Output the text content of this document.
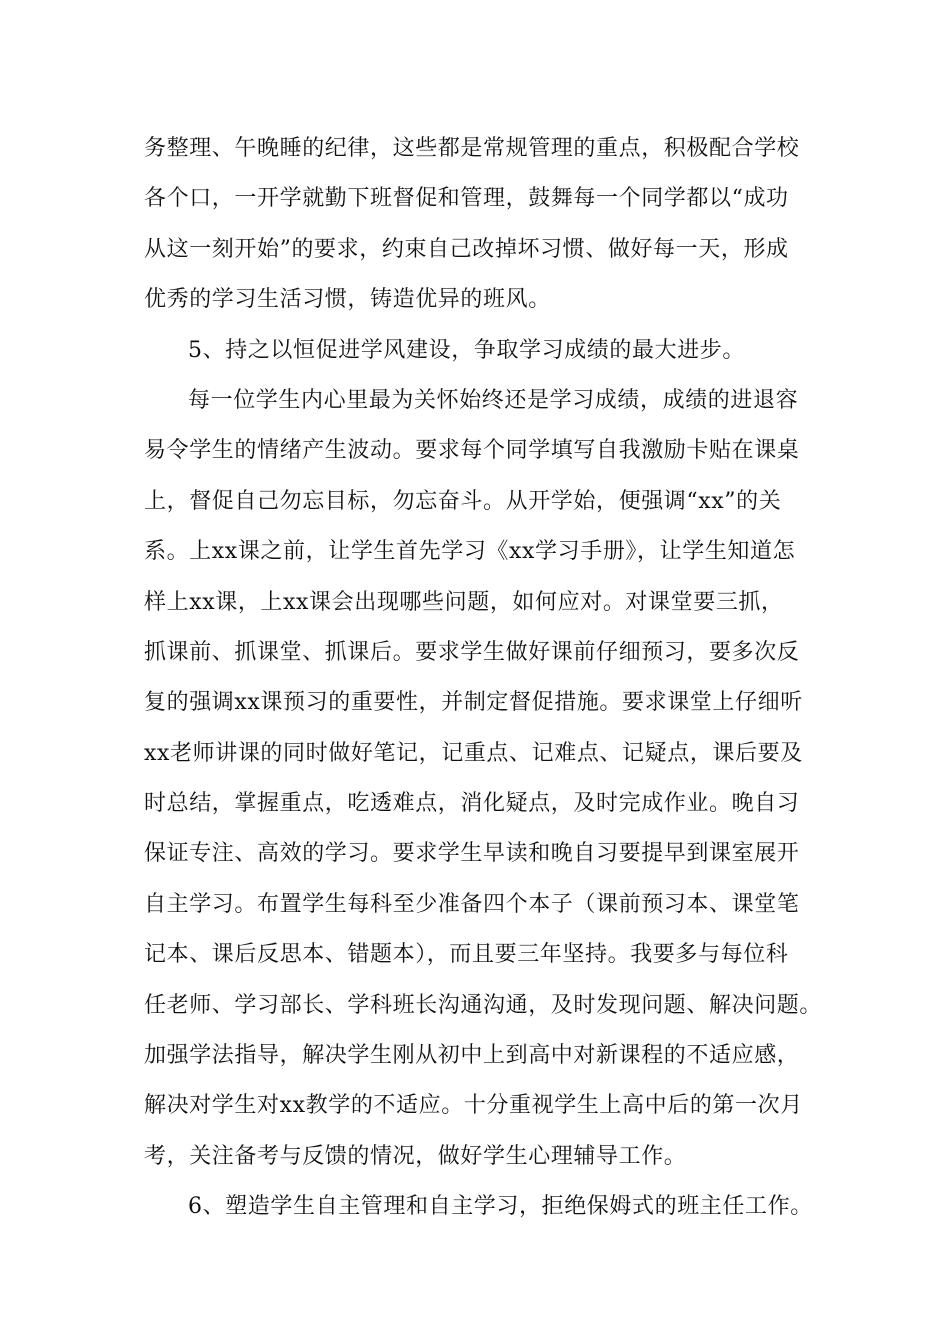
务整理、午晚睡的纪律，这些都是常规管理的重点，积极配合学校
各个口，一开学就勤下班督促和管理，鼓舞每一个同学都以“成功
从这一刻开始”的要求，约束自己改掉坏习惯、做好每一天，形成
优秀的学习生活习惯，铸造优异的班风。
5、持之以恒促进学风建设，争取学习成绩的最大进步。
每一位学生内心里最为关怀始终还是学习成绩，成绩的进退容
易令学生的情绪产生波动。要求每个同学填写自我激励卡贴在课桌
上，督促自己勿忘目标，勿忘奋斗。从开学始，便强调“xx”的关
系。上xx课之前，让学生首先学习《xx学习手册》，让学生知道怎
样上xx课，上xx课会出现哪些问题，如何应对。对课堂要三抓，
抓课前、抓课堂、抓课后。要求学生做好课前仔细预习，要多次反
复的强调xx课预习的重要性，并制定督促措施。要求课堂上仔细听
xx老师讲课的同时做好笔记，记重点、记难点、记疑点，课后要及
时总结，掌握重点，吃透难点，消化疑点，及时完成作业。晚自习
保证专注、高效的学习。要求学生早读和晚自习要提早到课室展开
自主学习。布置学生每科至少准备四个本子（课前预习本、课堂笔
记本、课后反思本、错题本），而且要三年坚持。我要多与每位科
任老师、学习部长、学科班长沟通沟通，及时发现问题、解决问题。
加强学法指导，解决学生刚从初中上到高中对新课程的不适应感，
解决对学生对xx教学的不适应。十分重视学生上高中后的第一次月
考，关注备考与反馈的情况，做好学生心理辅导工作。
6、塑造学生自主管理和自主学习，拒绝保姆式的班主任工作。
